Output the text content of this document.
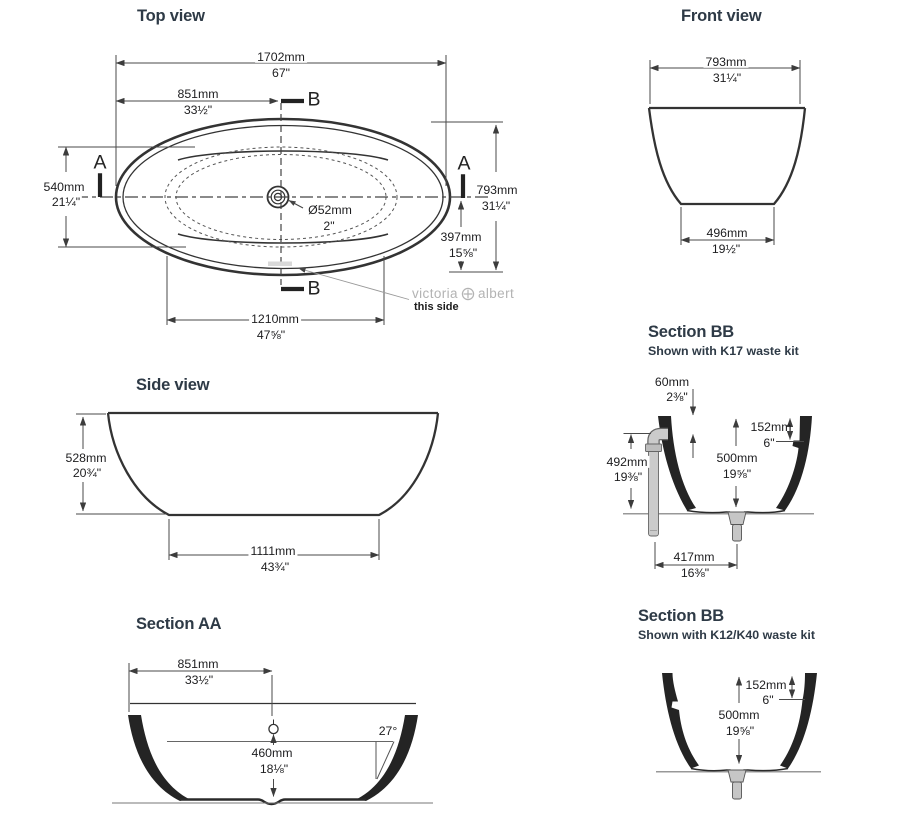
Top view
1702mm
67"
851mm
33½"	B
B
A	A
540mm
21¼"
793mm
31¼"
397mm
15⅝"
Ø52mm
2"
1210mm
47⅝"
victoria albert
this side
Front view
793mm
31¼"
496mm
19½"
Side view
528mm
20¾"
1111mm
43¾"
Section AA
851mm
33½"
460mm
18⅛"
27°
Section BB
Shown with K17 waste kit
60mm
2⅜"
152mm
6"
500mm
19⅝"
492mm
19⅜"
417mm
16⅜"
Section BB
Shown with K12/K40 waste kit
152mm
6"
500mm
19⅝"
